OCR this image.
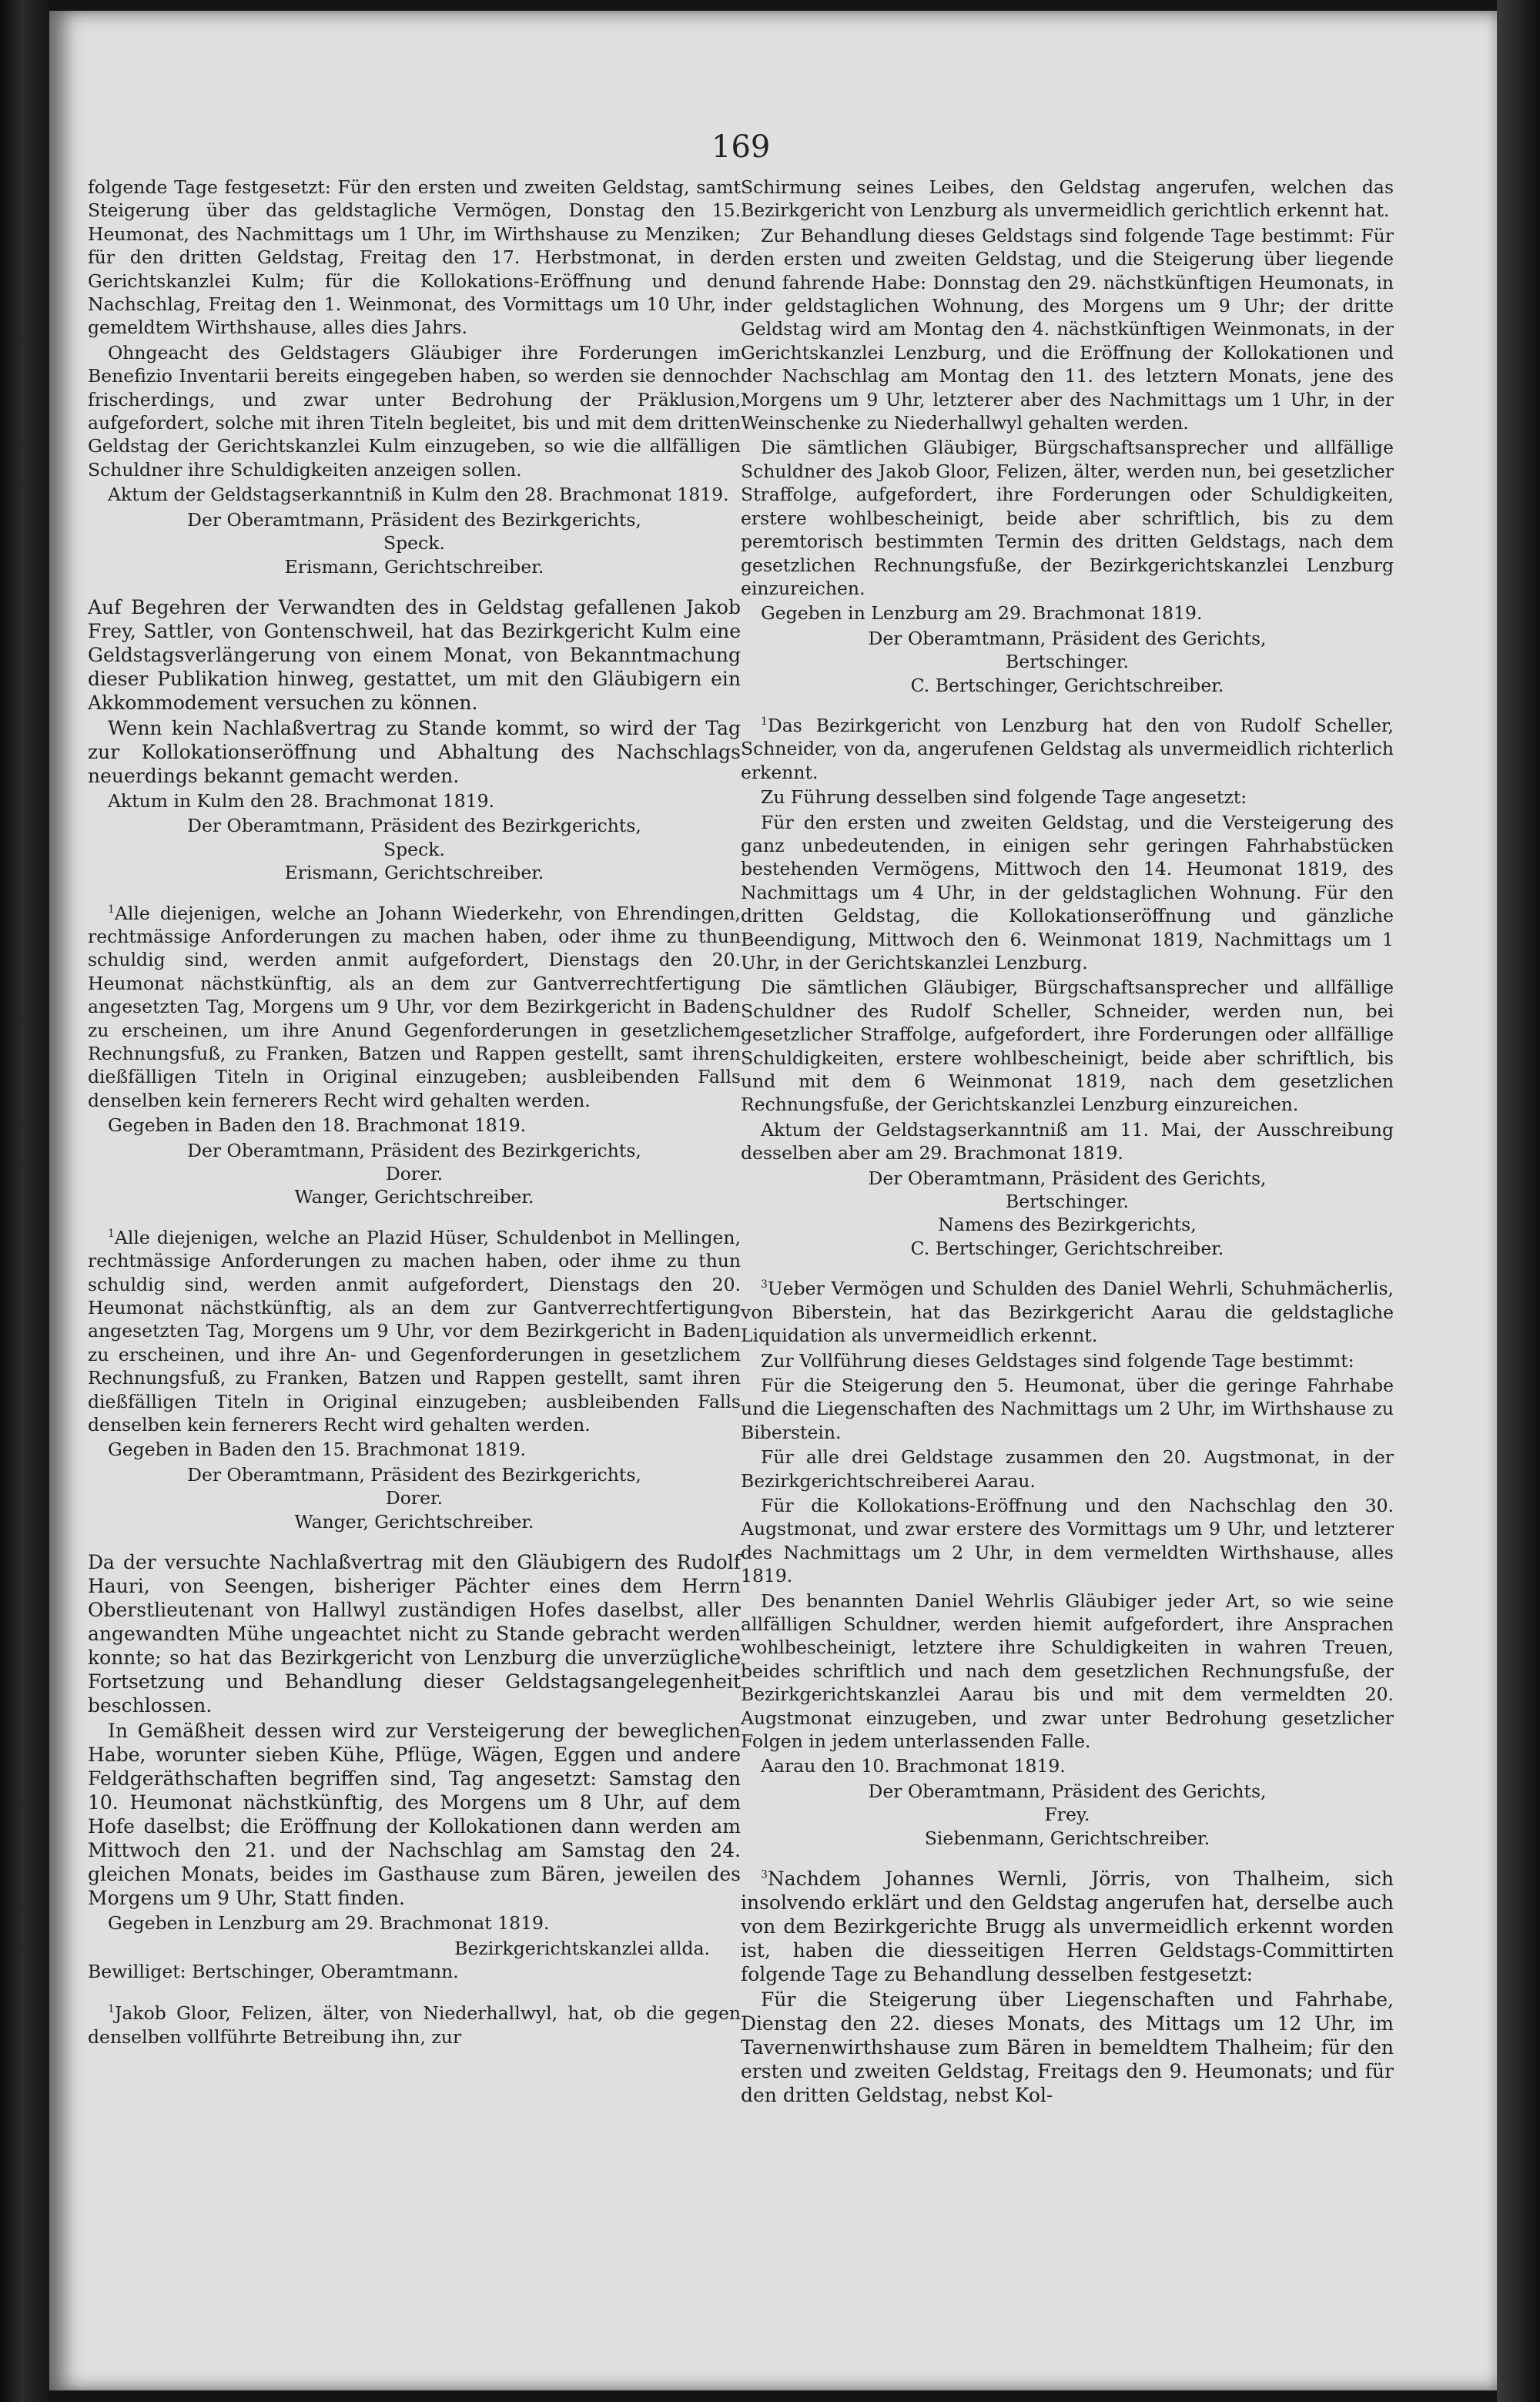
169

folgende Tage festgesetzt: Für den ersten und zweiten Geldstag, samt Steigerung über das geldstagliche Vermögen, Donstag den 15. Heumonat, des Nachmittags um 1 Uhr, im Wirthshause zu Menziken; für den dritten Geldstag, Freitag den 17. Herbstmonat, in der Gerichtskanzlei Kulm; für die Kollokations-Eröffnung und den Nachschlag, Freitag den 1. Weinmonat, des Vormittags um 10 Uhr, in gemeldtem Wirthshause, alles dies Jahrs.

Ohngeacht des Geldstagers Gläubiger ihre Forderungen im Benefizio Inventarii bereits eingegeben haben, so werden sie dennoch frischerdings, und zwar unter Bedrohung der Präklusion, aufgefordert, solche mit ihren Titeln begleitet, bis und mit dem dritten Geldstag der Gerichtskanzlei Kulm einzugeben, so wie die allfälligen Schuldner ihre Schuldigkeiten anzeigen sollen.

Aktum der Geldstagserkanntniß in Kulm den 28. Brachmonat 1819.

Der Oberamtmann, Präsident des Bezirkgerichts,

Speck.

Erismann, Gerichtschreiber.

Auf Begehren der Verwandten des in Geldstag gefallenen Jakob Frey, Sattler, von Gontenschweil, hat das Bezirkgericht Kulm eine Geldstagsverlängerung von einem Monat, von Bekanntmachung dieser Publikation hinweg, gestattet, um mit den Gläubigern ein Akkommodement versuchen zu können.

Wenn kein Nachlaßvertrag zu Stande kommt, so wird der Tag zur Kollokationseröffnung und Abhaltung des Nachschlags neuerdings bekannt gemacht werden.

Aktum in Kulm den 28. Brachmonat 1819.

Der Oberamtmann, Präsident des Bezirkgerichts,

Speck.

Erismann, Gerichtschreiber.

$^1$Alle diejenigen, welche an Johann Wiederkehr, von Ehrendingen, rechtmässige Anforderungen zu machen haben, oder ihme zu thun schuldig sind, werden anmit aufgefordert, Dienstags den 20. Heumonat nächstkünftig, als an dem zur Gantverrechtfertigung angesetzten Tag, Morgens um 9 Uhr, vor dem Bezirkgericht in Baden zu erscheinen, um ihre Anund Gegenforderungen in gesetzlichem Rechnungsfuß, zu Franken, Batzen und Rappen gestellt, samt ihren dießfälligen Titeln in Original einzugeben; ausbleibenden Falls denselben kein fernerers Recht wird gehalten werden.

Gegeben in Baden den 18. Brachmonat 1819.

Der Oberamtmann, Präsident des Bezirkgerichts,

Dorer.

Wanger, Gerichtschreiber.

$^1$Alle diejenigen, welche an Plazid Hüser, Schuldenbot in Mellingen, rechtmässige Anforderungen zu machen haben, oder ihme zu thun schuldig sind, werden anmit aufgefordert, Dienstags den 20. Heumonat nächstkünftig, als an dem zur Gantverrechtfertigung angesetzten Tag, Morgens um 9 Uhr, vor dem Bezirkgericht in Baden zu erscheinen, und ihre An- und Gegenforderungen in gesetzlichem Rechnungsfuß, zu Franken, Batzen und Rappen gestellt, samt ihren dießfälligen Titeln in Original einzugeben; ausbleibenden Falls denselben kein fernerers Recht wird gehalten werden.

Gegeben in Baden den 15. Brachmonat 1819.

Der Oberamtmann, Präsident des Bezirkgerichts,

Dorer.

Wanger, Gerichtschreiber.

Da der versuchte Nachlaßvertrag mit den Gläubigern des Rudolf Hauri, von Seengen, bisheriger Pächter eines dem Herrn Oberstlieutenant von Hallwyl zuständigen Hofes daselbst, aller angewandten Mühe ungeachtet nicht zu Stande gebracht werden konnte; so hat das Bezirkgericht von Lenzburg die unverzügliche Fortsetzung und Behandlung dieser Geldstagsangelegenheit beschlossen.

In Gemäßheit dessen wird zur Versteigerung der beweglichen Habe, worunter sieben Kühe, Pflüge, Wägen, Eggen und andere Feldgeräthschaften begriffen sind, Tag angesetzt: Samstag den 10. Heumonat nächstkünftig, des Morgens um 8 Uhr, auf dem Hofe daselbst; die Eröffnung der Kollokationen dann werden am Mittwoch den 21. und der Nachschlag am Samstag den 24. gleichen Monats, beides im Gasthause zum Bären, jeweilen des Morgens um 9 Uhr, Statt finden.

Gegeben in Lenzburg am 29. Brachmonat 1819.

Bezirkgerichtskanzlei allda.

Bewilliget: Bertschinger, Oberamtmann.

$^1$Jakob Gloor, Felizen, älter, von Niederhallwyl, hat, ob die gegen denselben vollführte Betreibung ihn, zur

Schirmung seines Leibes, den Geldstag angerufen, welchen das Bezirkgericht von Lenzburg als unvermeidlich gerichtlich erkennt hat.

Zur Behandlung dieses Geldstags sind folgende Tage bestimmt: Für den ersten und zweiten Geldstag, und die Steigerung über liegende und fahrende Habe: Donnstag den 29. nächstkünftigen Heumonats, in der geldstaglichen Wohnung, des Morgens um 9 Uhr; der dritte Geldstag wird am Montag den 4. nächstkünftigen Weinmonats, in der Gerichtskanzlei Lenzburg, und die Eröffnung der Kollokationen und der Nachschlag am Montag den 11. des letztern Monats, jene des Morgens um 9 Uhr, letzterer aber des Nachmittags um 1 Uhr, in der Weinschenke zu Niederhallwyl gehalten werden.

Die sämtlichen Gläubiger, Bürgschaftsansprecher und allfällige Schuldner des Jakob Gloor, Felizen, älter, werden nun, bei gesetzlicher Straffolge, aufgefordert, ihre Forderungen oder Schuldigkeiten, erstere wohlbescheinigt, beide aber schriftlich, bis zu dem peremtorisch bestimmten Termin des dritten Geldstags, nach dem gesetzlichen Rechnungsfuße, der Bezirkgerichtskanzlei Lenzburg einzureichen.

Gegeben in Lenzburg am 29. Brachmonat 1819.

Der Oberamtmann, Präsident des Gerichts,

Bertschinger.

C. Bertschinger, Gerichtschreiber.

$^1$Das Bezirkgericht von Lenzburg hat den von Rudolf Scheller, Schneider, von da, angerufenen Geldstag als unvermeidlich richterlich erkennt.

Zu Führung desselben sind folgende Tage angesetzt:

Für den ersten und zweiten Geldstag, und die Versteigerung des ganz unbedeutenden, in einigen sehr geringen Fahrhabstücken bestehenden Vermögens, Mittwoch den 14. Heumonat 1819, des Nachmittags um 4 Uhr, in der geldstaglichen Wohnung. Für den dritten Geldstag, die Kollokationseröffnung und gänzliche Beendigung, Mittwoch den 6. Weinmonat 1819, Nachmittags um 1 Uhr, in der Gerichtskanzlei Lenzburg.

Die sämtlichen Gläubiger, Bürgschaftsansprecher und allfällige Schuldner des Rudolf Scheller, Schneider, werden nun, bei gesetzlicher Straffolge, aufgefordert, ihre Forderungen oder allfällige Schuldigkeiten, erstere wohlbescheinigt, beide aber schriftlich, bis und mit dem 6 Weinmonat 1819, nach dem gesetzlichen Rechnungsfuße, der Gerichtskanzlei Lenzburg einzureichen.

Aktum der Geldstagserkanntniß am 11. Mai, der Ausschreibung desselben aber am 29. Brachmonat 1819.

Der Oberamtmann, Präsident des Gerichts,

Bertschinger.

Namens des Bezirkgerichts,

C. Bertschinger, Gerichtschreiber.

$^3$Ueber Vermögen und Schulden des Daniel Wehrli, Schuhmächerlis, von Biberstein, hat das Bezirkgericht Aarau die geldstagliche Liquidation als unvermeidlich erkennt.

Zur Vollführung dieses Geldstages sind folgende Tage bestimmt:

Für die Steigerung den 5. Heumonat, über die geringe Fahrhabe und die Liegenschaften des Nachmittags um 2 Uhr, im Wirthshause zu Biberstein.

Für alle drei Geldstage zusammen den 20. Augstmonat, in der Bezirkgerichtschreiberei Aarau.

Für die Kollokations-Eröffnung und den Nachschlag den 30. Augstmonat, und zwar erstere des Vormittags um 9 Uhr, und letzterer des Nachmittags um 2 Uhr, in dem vermeldten Wirthshause, alles 1819.

Des benannten Daniel Wehrlis Gläubiger jeder Art, so wie seine allfälligen Schuldner, werden hiemit aufgefordert, ihre Ansprachen wohlbescheinigt, letztere ihre Schuldigkeiten in wahren Treuen, beides schriftlich und nach dem gesetzlichen Rechnungsfuße, der Bezirkgerichtskanzlei Aarau bis und mit dem vermeldten 20. Augstmonat einzugeben, und zwar unter Bedrohung gesetzlicher Folgen in jedem unterlassenden Falle.

Aarau den 10. Brachmonat 1819.

Der Oberamtmann, Präsident des Gerichts,

Frey.

Siebenmann, Gerichtschreiber.

$^3$Nachdem Johannes Wernli, Jörris, von Thalheim, sich insolvendo erklärt und den Geldstag angerufen hat, derselbe auch von dem Bezirkgerichte Brugg als unvermeidlich erkennt worden ist, haben die diesseitigen Herren Geldstags-Committirten folgende Tage zu Behandlung desselben festgesetzt:

Für die Steigerung über Liegenschaften und Fahrhabe, Dienstag den 22. dieses Monats, des Mittags um 12 Uhr, im Tavernenwirthshause zum Bären in bemeldtem Thalheim; für den ersten und zweiten Geldstag, Freitags den 9. Heumonats; und für den dritten Geldstag, nebst Kol-
